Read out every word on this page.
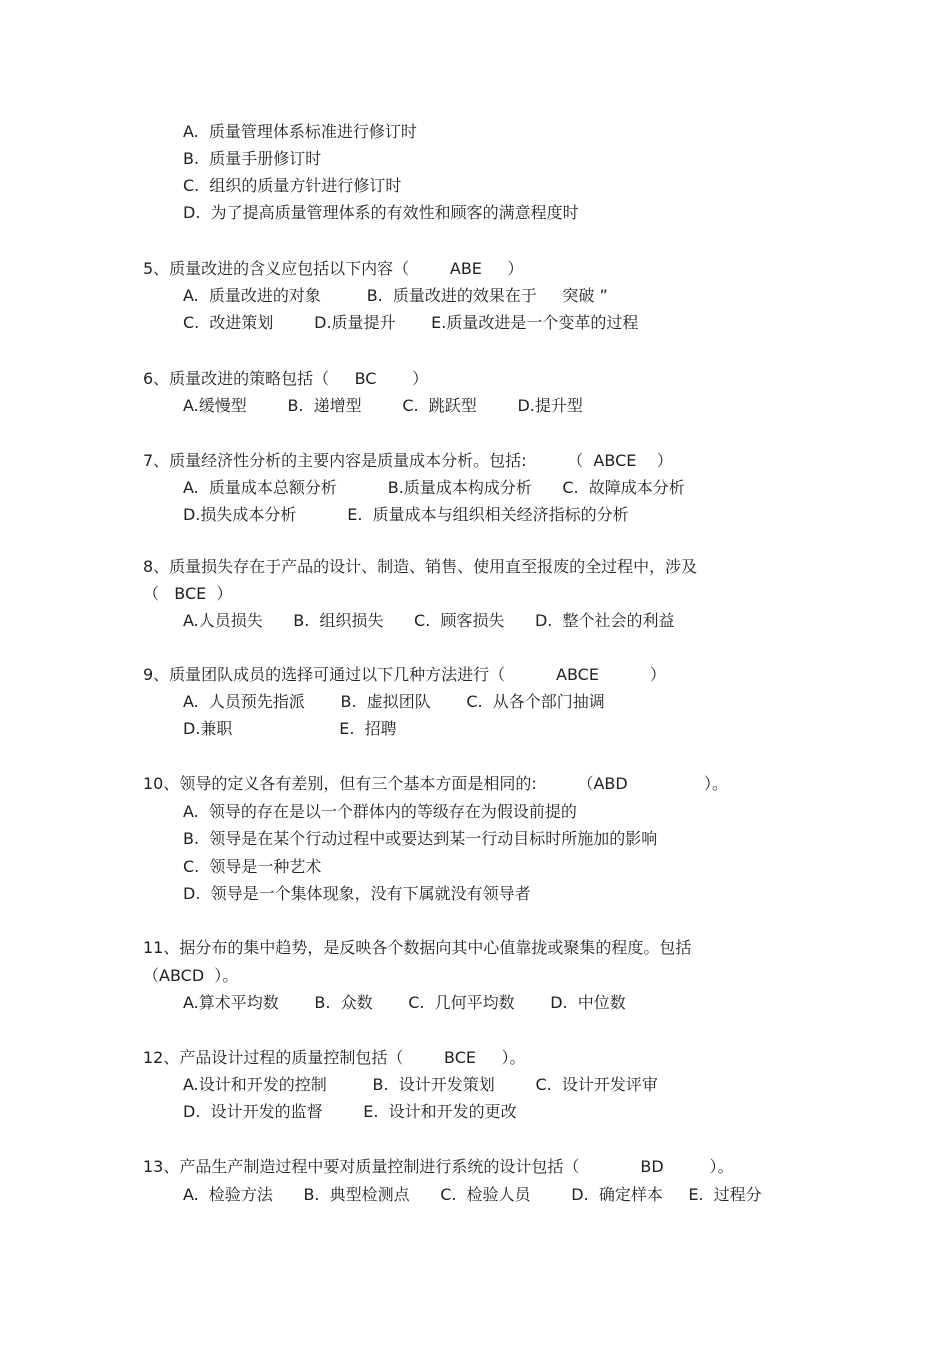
A.  质量管理体系标准进行修订时
B.  质量手册修订时
C.  组织的质量方针进行修订时
D.  为了提高质量管理体系的有效性和顾客的满意程度时
5、质量改进的含义应包括以下内容（        ABE     ）
A.  质量改进的对象         B.  质量改进的效果在于     突破 ”
C.  改进策划        D.质量提升       E.质量改进是一个变革的过程
6、质量改进的策略包括（     BC       ）
A.缓慢型        B.  递增型        C.  跳跃型        D.提升型
7、质量经济性分析的主要内容是质量成本分析。包括:        （  ABCE    ）
A.  质量成本总额分析          B.质量成本构成分析      C.  故障成本分析
D.损失成本分析          E.  质量成本与组织相关经济指标的分析
8、质量损失存在于产品的设计、制造、销售、使用直至报废的全过程中，涉及
（   BCE  ）
A.人员损失      B.  组织损失      C.  顾客损失      D.  整个社会的利益
9、质量团队成员的选择可通过以下几种方法进行（          ABCE          ）
A.  人员预先指派       B.  虚拟团队       C.  从各个部门抽调
D.兼职                     E.  招聘
10、领导的定义各有差别，但有三个基本方面是相同的:        （ABD               ）。
A.  领导的存在是以一个群体内的等级存在为假设前提的
B.  领导是在某个行动过程中或要达到某一行动目标时所施加的影响
C.  领导是一种艺术
D.  领导是一个集体现象，没有下属就没有领导者
11、据分布的集中趋势，是反映各个数据向其中心值靠拢或聚集的程度。包括
（ABCD  ）。
A.算术平均数       B.  众数       C.  几何平均数       D.  中位数
12、产品设计过程的质量控制包括（        BCE     ）。
A.设计和开发的控制         B.  设计开发策划        C.  设计开发评审
D.  设计开发的监督        E.  设计和开发的更改
13、产品生产制造过程中要对质量控制进行系统的设计包括（            BD         ）。
A.  检验方法      B.  典型检测点      C.  检验人员        D.  确定样本     E.  过程分
